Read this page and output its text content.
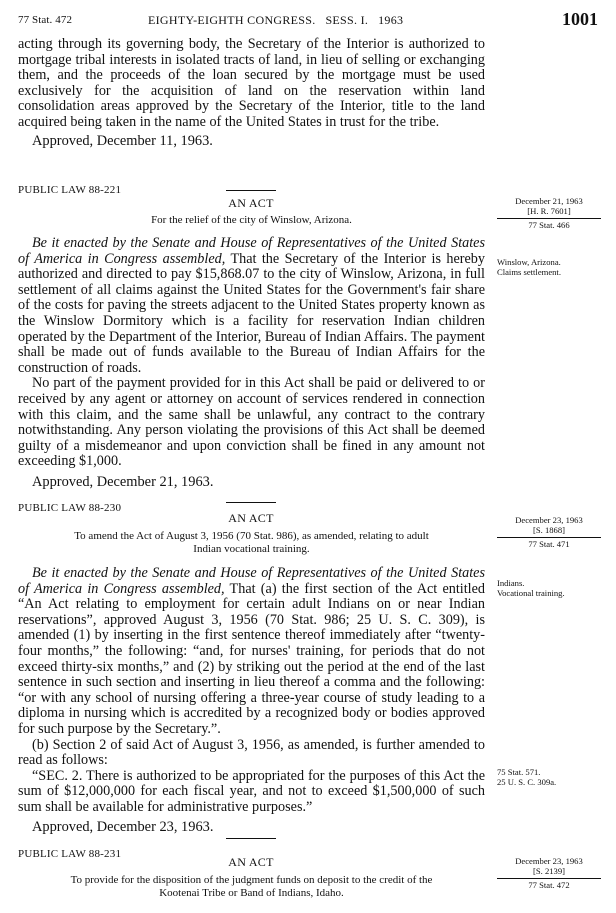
77 Stat. 472	EIGHTY-EIGHTH CONGRESS.   SESS. I.   1963	1001

acting through its governing body, the Secretary of the Interior is authorized to mortgage tribal interests in isolated tracts of land, in lieu of selling or exchanging them, and the proceeds of the loan secured by the mortgage must be used exclusively for the acquisition of land on the reservation within land consolidation areas approved by the Secretary of the Interior, title to the land acquired being taken in the name of the United States in trust for the tribe.

Approved, December 11, 1963.

PUBLIC LAW 88-221
AN ACT
For the relief of the city of Winslow, Arizona.
December 21, 1963
[H. R. 7601]
77 Stat. 466

Be it enacted by the Senate and House of Representatives of the United States of America in Congress assembled, That the Secretary of the Interior is hereby authorized and directed to pay $15,868.07 to the city of Winslow, Arizona, in full settlement of all claims against the United States for the Government's fair share of the costs for paving the streets adjacent to the United States property known as the Winslow Dormitory which is a facility for reservation Indian children operated by the Department of the Interior, Bureau of Indian Affairs. The payment shall be made out of funds available to the Bureau of Indian Affairs for the construction of roads.

No part of the payment provided for in this Act shall be paid or delivered to or received by any agent or attorney on account of services rendered in connection with this claim, and the same shall be unlawful, any contract to the contrary notwithstanding. Any person violating the provisions of this Act shall be deemed guilty of a misdemeanor and upon conviction shall be fined in any amount not exceeding $1,000.

Approved, December 21, 1963.

Winslow, Arizona.
Claims settlement.
PUBLIC LAW 88-230
AN ACT
To amend the Act of August 3, 1956 (70 Stat. 986), as amended, relating to adult
Indian vocational training.
December 23, 1963
[S. 1868]
77 Stat. 471

Be it enacted by the Senate and House of Representatives of the United States of America in Congress assembled, That (a) the first section of the Act entitled “An Act relating to employment for certain adult Indians on or near Indian reservations”, approved August 3, 1956 (70 Stat. 986; 25 U. S. C. 309), is amended (1) by inserting in the first sentence thereof immediately after “twenty-four months,” the following: “and, for nurses' training, for periods that do not exceed thirty-six months,” and (2) by striking out the period at the end of the last sentence in such section and inserting in lieu thereof a comma and the following: “or with any school of nursing offering a three-year course of study leading to a diploma in nursing which is accredited by a recognized body or bodies approved for such purpose by the Secretary.”.

(b) Section 2 of said Act of August 3, 1956, as amended, is further amended to read as follows:

“SEC. 2. There is authorized to be appropriated for the purposes of this Act the sum of $12,000,000 for each fiscal year, and not to exceed $1,500,000 of such sum shall be available for administrative purposes.”

Approved, December 23, 1963.

Indians.
Vocational training.
75 Stat. 571.
25 U. S. C. 309a.
PUBLIC LAW 88-231
AN ACT
To provide for the disposition of the judgment funds on deposit to the credit of the
Kootenai Tribe or Band of Indians, Idaho.
December 23, 1963
[S. 2139]
77 Stat. 472
